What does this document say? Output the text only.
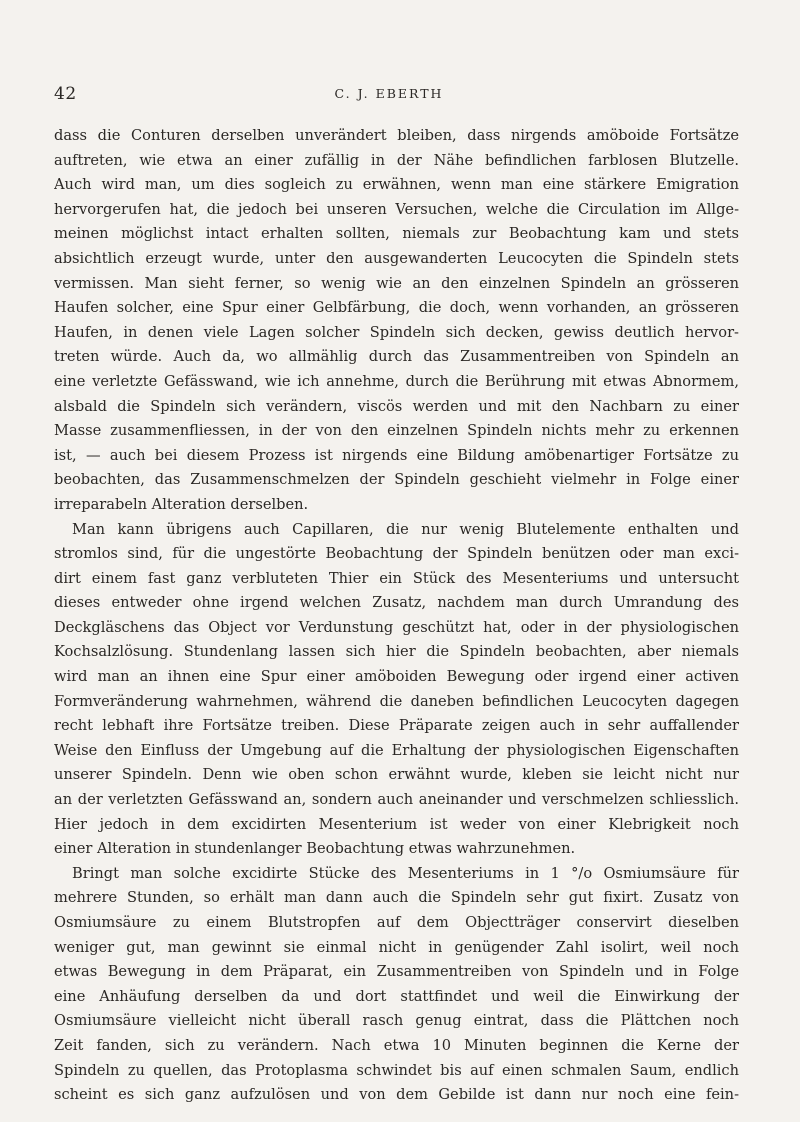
42	C. J. EBERTH
dass die Conturen derselben unverändert bleiben, dass nirgends amöboide Fortsätze
auftreten, wie etwa an einer zufällig in der Nähe befindlichen farblosen Blutzelle.
Auch wird man, um dies sogleich zu erwähnen, wenn man eine stärkere Emigration
hervorgerufen hat, die jedoch bei unseren Versuchen, welche die Circulation im Allge-
meinen möglichst intact erhalten sollten, niemals zur Beobachtung kam und stets
absichtlich erzeugt wurde, unter den ausgewanderten Leucocyten die Spindeln stets
vermissen. Man sieht ferner, so wenig wie an den einzelnen Spindeln an grösseren
Haufen solcher, eine Spur einer Gelbfärbung, die doch, wenn vorhanden, an grösseren
Haufen, in denen viele Lagen solcher Spindeln sich decken, gewiss deutlich hervor-
treten würde. Auch da, wo allmählig durch das Zusammentreiben von Spindeln an
eine verletzte Gefässwand, wie ich annehme, durch die Berührung mit etwas Abnormem,
alsbald die Spindeln sich verändern, viscös werden und mit den Nachbarn zu einer
Masse zusammenfliessen, in der von den einzelnen Spindeln nichts mehr zu erkennen
ist, — auch bei diesem Prozess ist nirgends eine Bildung amöbenartiger Fortsätze zu
beobachten, das Zusammenschmelzen der Spindeln geschieht vielmehr in Folge einer
irreparabeln Alteration derselben.
Man kann übrigens auch Capillaren, die nur wenig Blutelemente enthalten und
stromlos sind, für die ungestörte Beobachtung der Spindeln benützen oder man exci-
dirt einem fast ganz verbluteten Thier ein Stück des Mesenteriums und untersucht
dieses entweder ohne irgend welchen Zusatz, nachdem man durch Umrandung des
Deckgläschens das Object vor Verdunstung geschützt hat, oder in der physiologischen
Kochsalzlösung. Stundenlang lassen sich hier die Spindeln beobachten, aber niemals
wird man an ihnen eine Spur einer amöboiden Bewegung oder irgend einer activen
Formveränderung wahrnehmen, während die daneben befindlichen Leucocyten dagegen
recht lebhaft ihre Fortsätze treiben. Diese Präparate zeigen auch in sehr auffallender
Weise den Einfluss der Umgebung auf die Erhaltung der physiologischen Eigenschaften
unserer Spindeln. Denn wie oben schon erwähnt wurde, kleben sie leicht nicht nur
an der verletzten Gefässwand an, sondern auch aneinander und verschmelzen schliesslich.
Hier jedoch in dem excidirten Mesenterium ist weder von einer Klebrigkeit noch
einer Alteration in stundenlanger Beobachtung etwas wahrzunehmen.
Bringt man solche excidirte Stücke des Mesenteriums in 1 °/o Osmiumsäure für
mehrere Stunden, so erhält man dann auch die Spindeln sehr gut fixirt. Zusatz von
Osmiumsäure zu einem Blutstropfen auf dem Objectträger conservirt dieselben
weniger gut, man gewinnt sie einmal nicht in genügender Zahl isolirt, weil noch
etwas Bewegung in dem Präparat, ein Zusammentreiben von Spindeln und in Folge
eine Anhäufung derselben da und dort stattfindet und weil die Einwirkung der
Osmiumsäure vielleicht nicht überall rasch genug eintrat, dass die Plättchen noch
Zeit fanden, sich zu verändern. Nach etwa 10 Minuten beginnen die Kerne der
Spindeln zu quellen, das Protoplasma schwindet bis auf einen schmalen Saum, endlich
scheint es sich ganz aufzulösen und von dem Gebilde ist dann nur noch eine fein-
